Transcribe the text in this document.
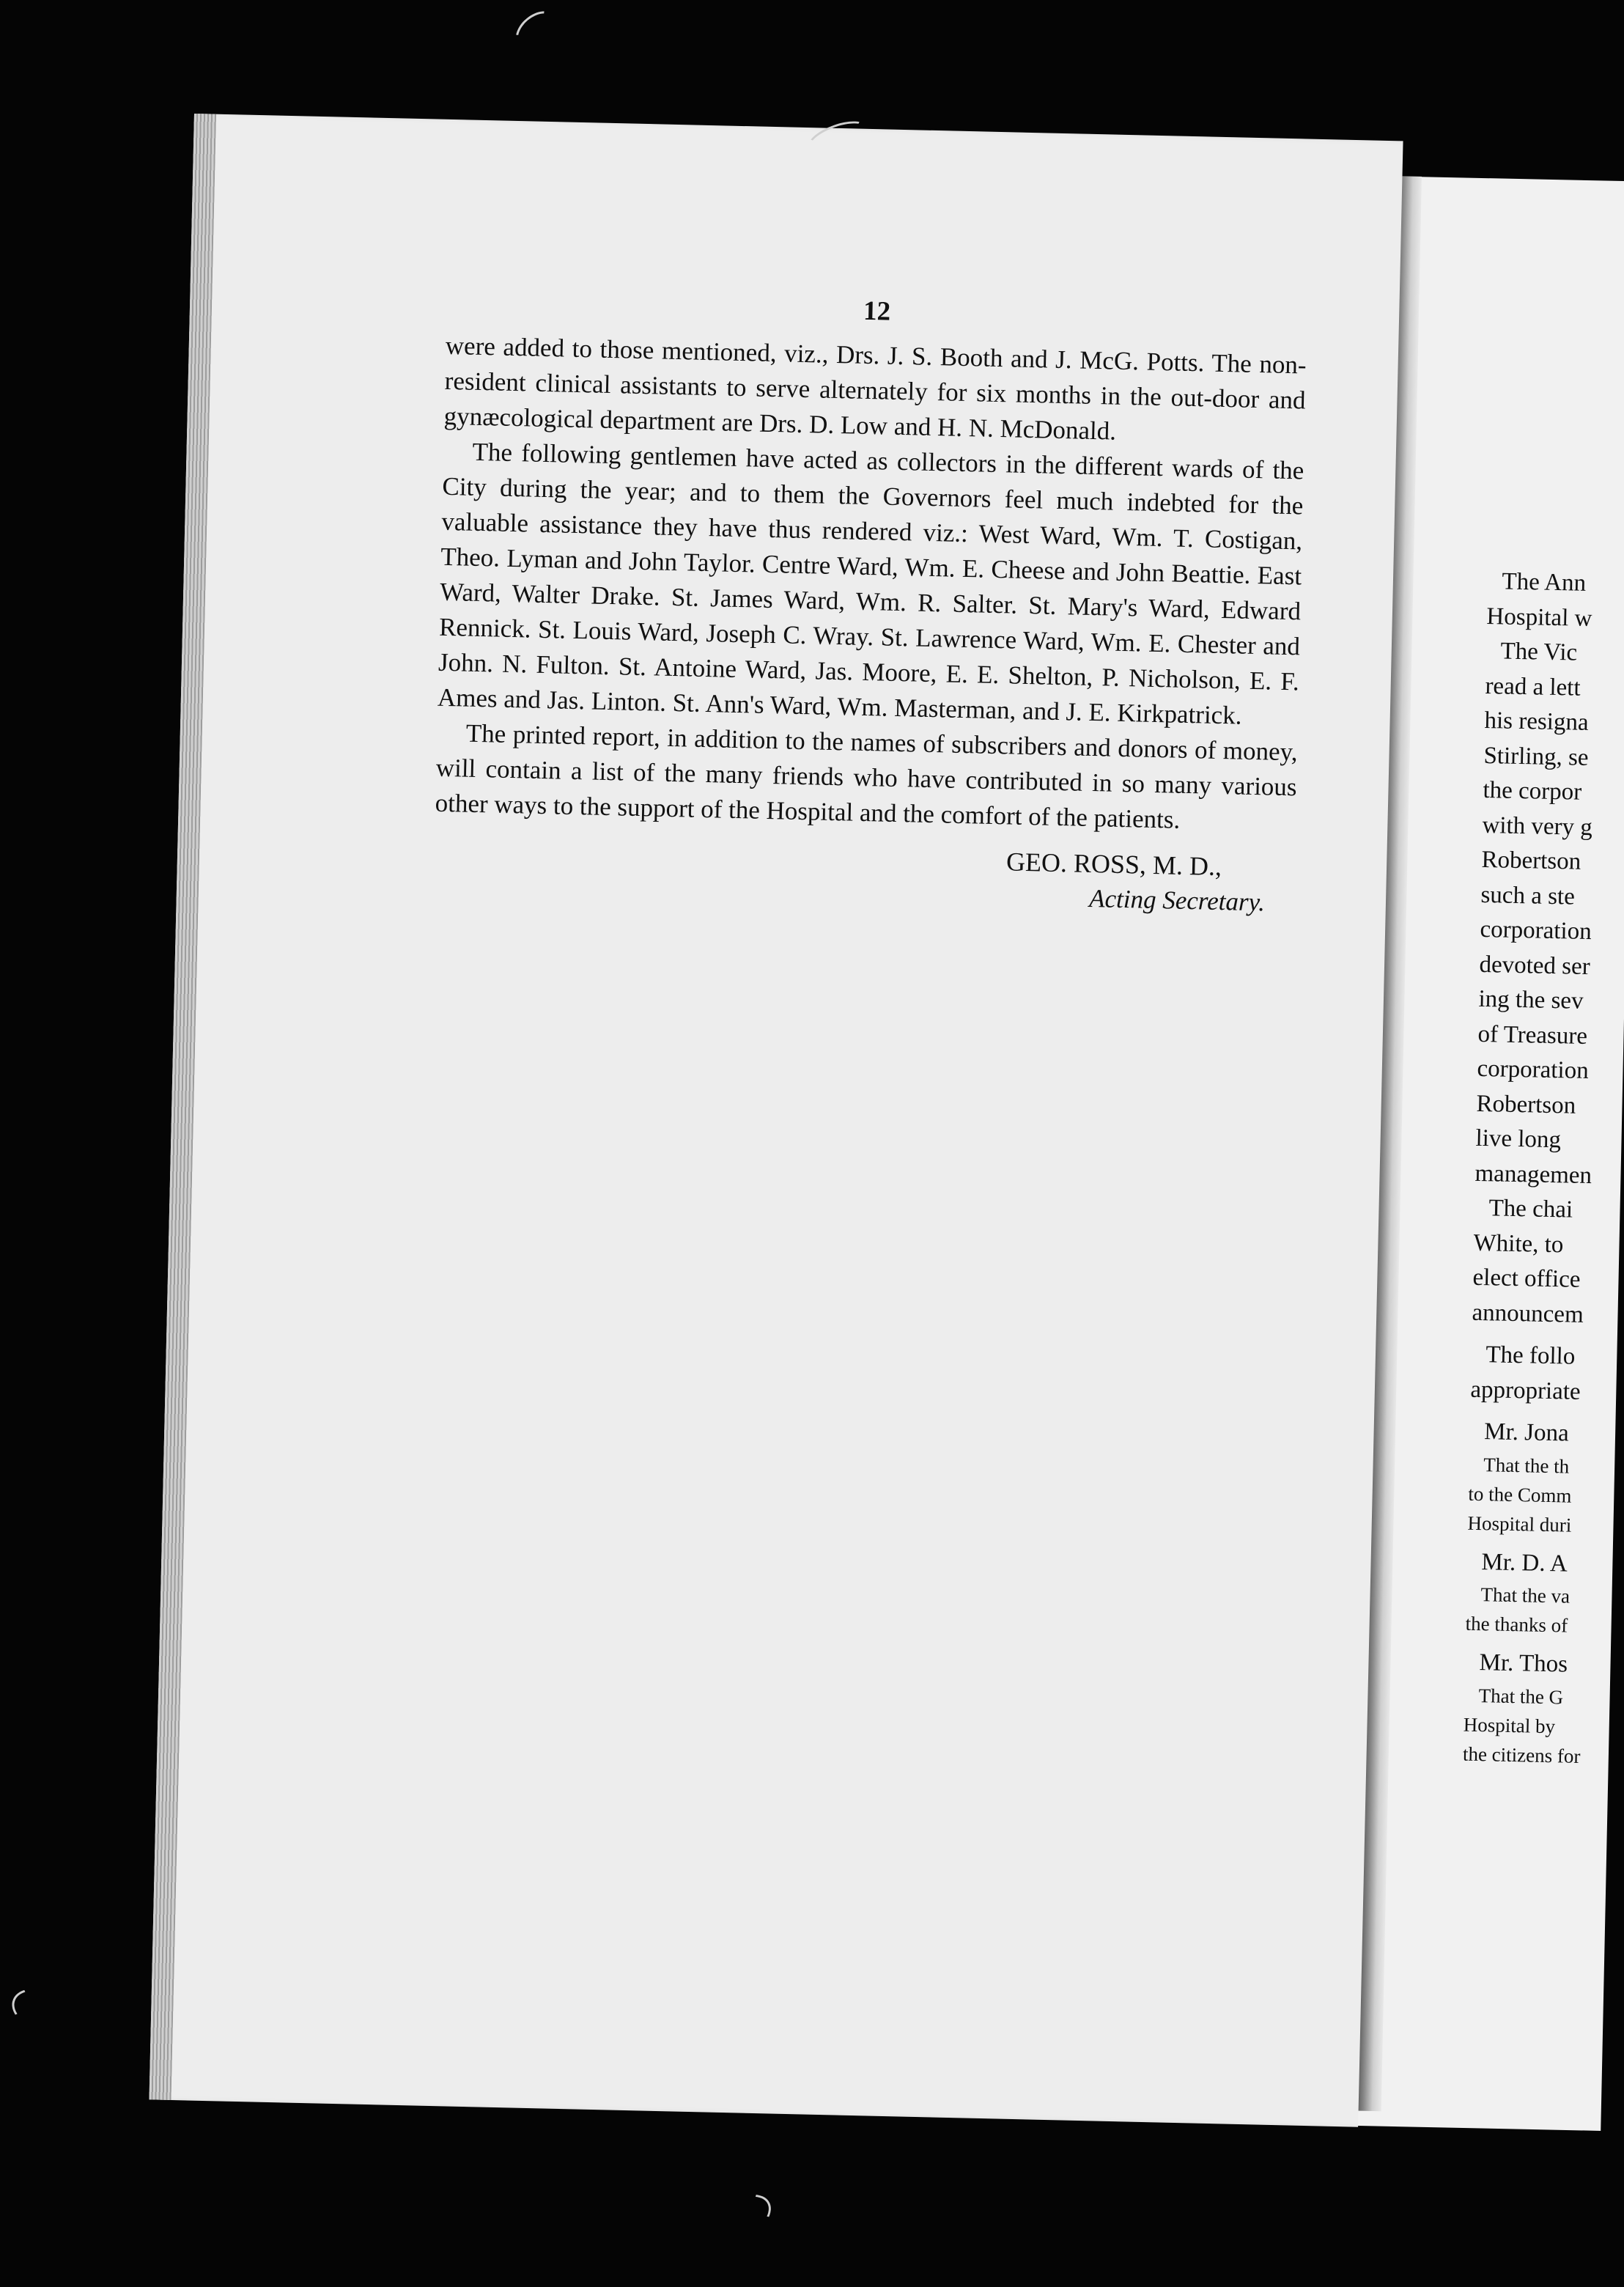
The Ann
Hospital w
The Vic
read a lett
his resigna
Stirling, se
the corpor
with very g
Robertson
such a ste
corporation
devoted ser
ing the sev
of Treasure
corporation
Robertson
live long
managemen
The chai
White, to
elect office
announcem
The follo
appropriate
Mr. Jona
That the th
to the Comm
Hospital duri
Mr. D. A
That the va
the thanks of
Mr. Thos
That the G
Hospital by
the citizens for
12

were added to those mentioned, viz., Drs. J. S. Booth and J. McG. Potts. The non-resident clinical assistants to serve alternately for six months in the out-door and gynæcological department are Drs. D. Low and H. N. McDonald.

The following gentlemen have acted as collectors in the different wards of the City during the year; and to them the Governors feel much indebted for the valuable assistance they have thus rendered viz.: West Ward, Wm. T. Costigan, Theo. Lyman and John Taylor. Centre Ward, Wm. E. Cheese and John Beattie. East Ward, Walter Drake. St. James Ward, Wm. R. Salter. St. Mary's Ward, Edward Rennick. St. Louis Ward, Joseph C. Wray. St. Lawrence Ward, Wm. E. Chester and John. N. Fulton. St. Antoine Ward, Jas. Moore, E. E. Shelton, P. Nicholson, E. F. Ames and Jas. Linton. St. Ann's Ward, Wm. Masterman, and J. E. Kirkpatrick.

The printed report, in addition to the names of subscribers and donors of money, will contain a list of the many friends who have contributed in so many various other ways to the support of the Hospital and the comfort of the patients.

GEO. ROSS, M. D.,
Acting Secretary.
